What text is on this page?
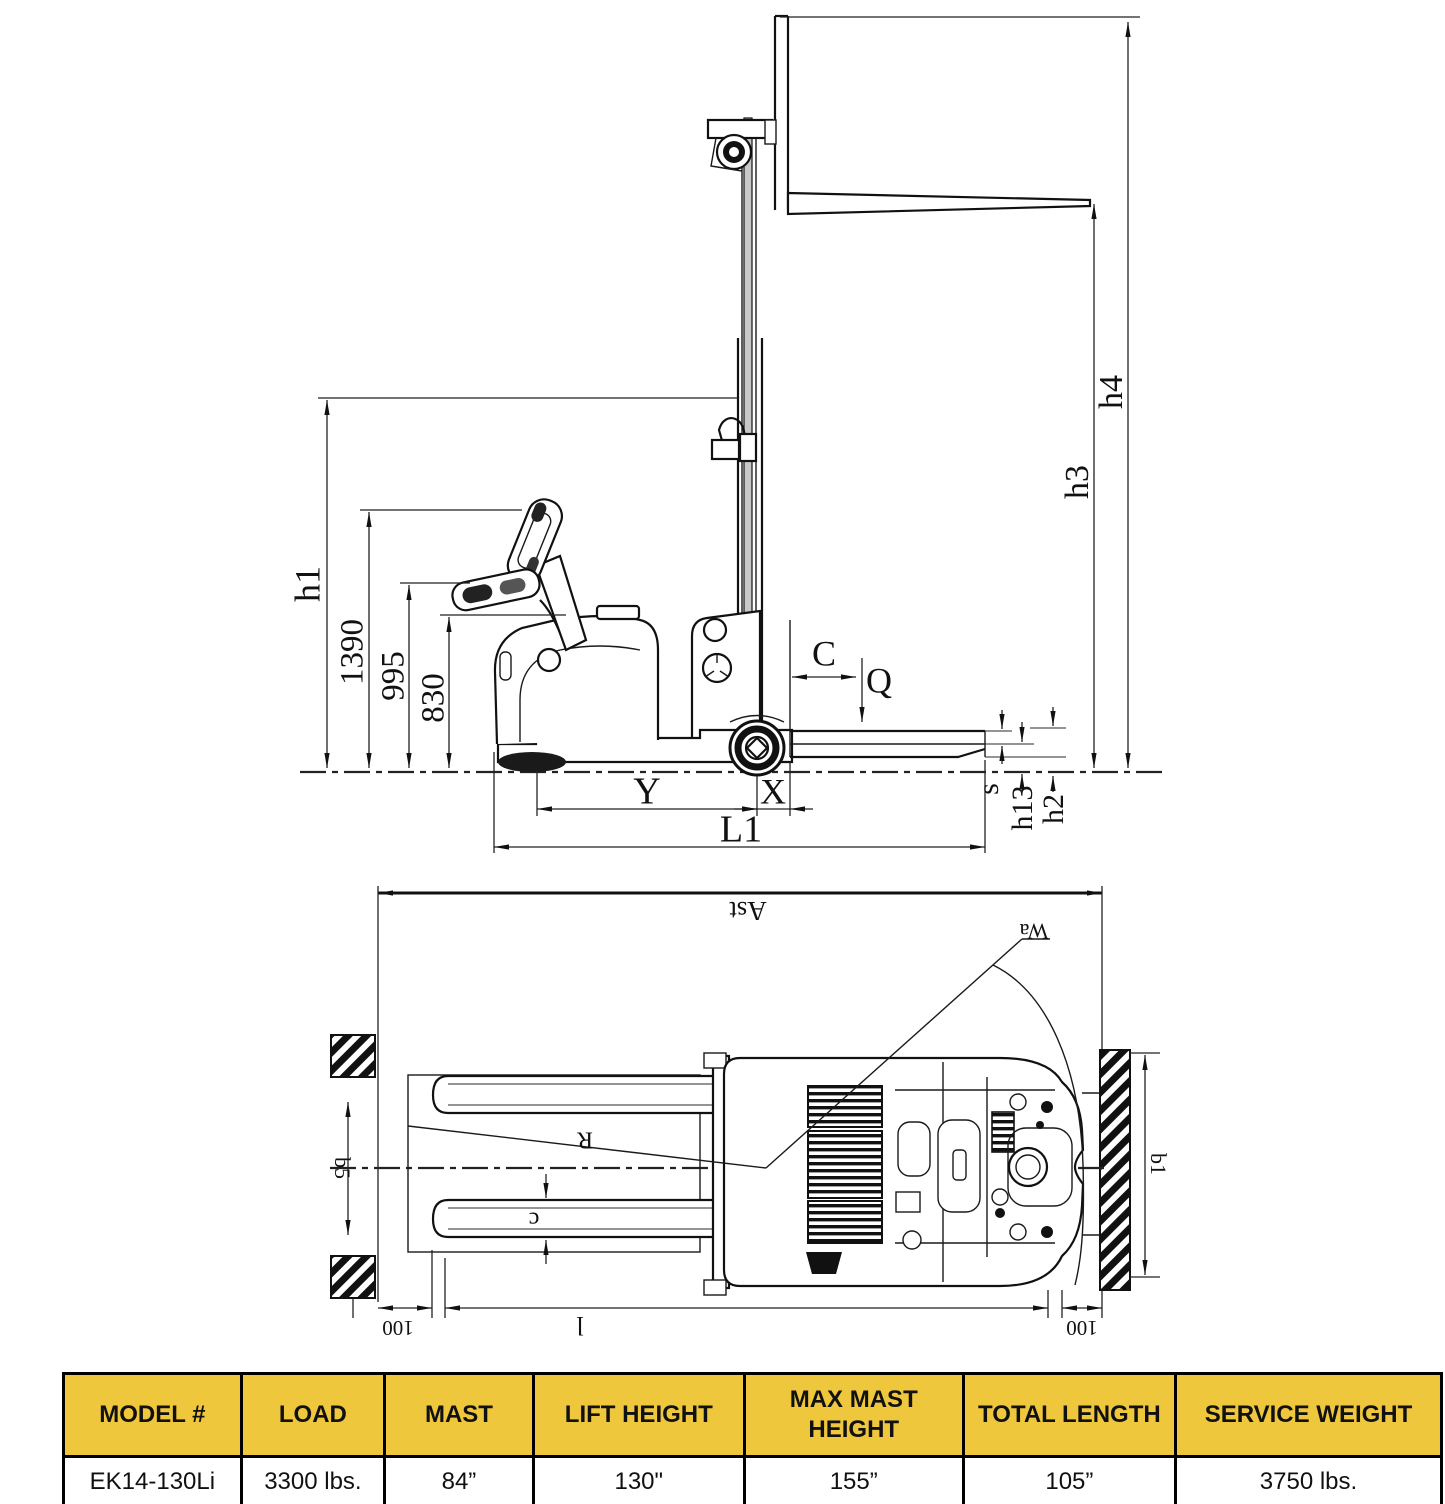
h4
h3
h1
1390 995 830
C
Q
Y	X
L1
s h13
h2
Ast
Wa
R
b5
c
b1
100	l	100
MODEL #	LOAD	MAST	LIFT HEIGHT	MAX MAST HEIGHT	TOTAL LENGTH	SERVICE WEIGHT
EK14-130Li	3300 lbs.	84”	130"	155”	105”	3750 lbs.
